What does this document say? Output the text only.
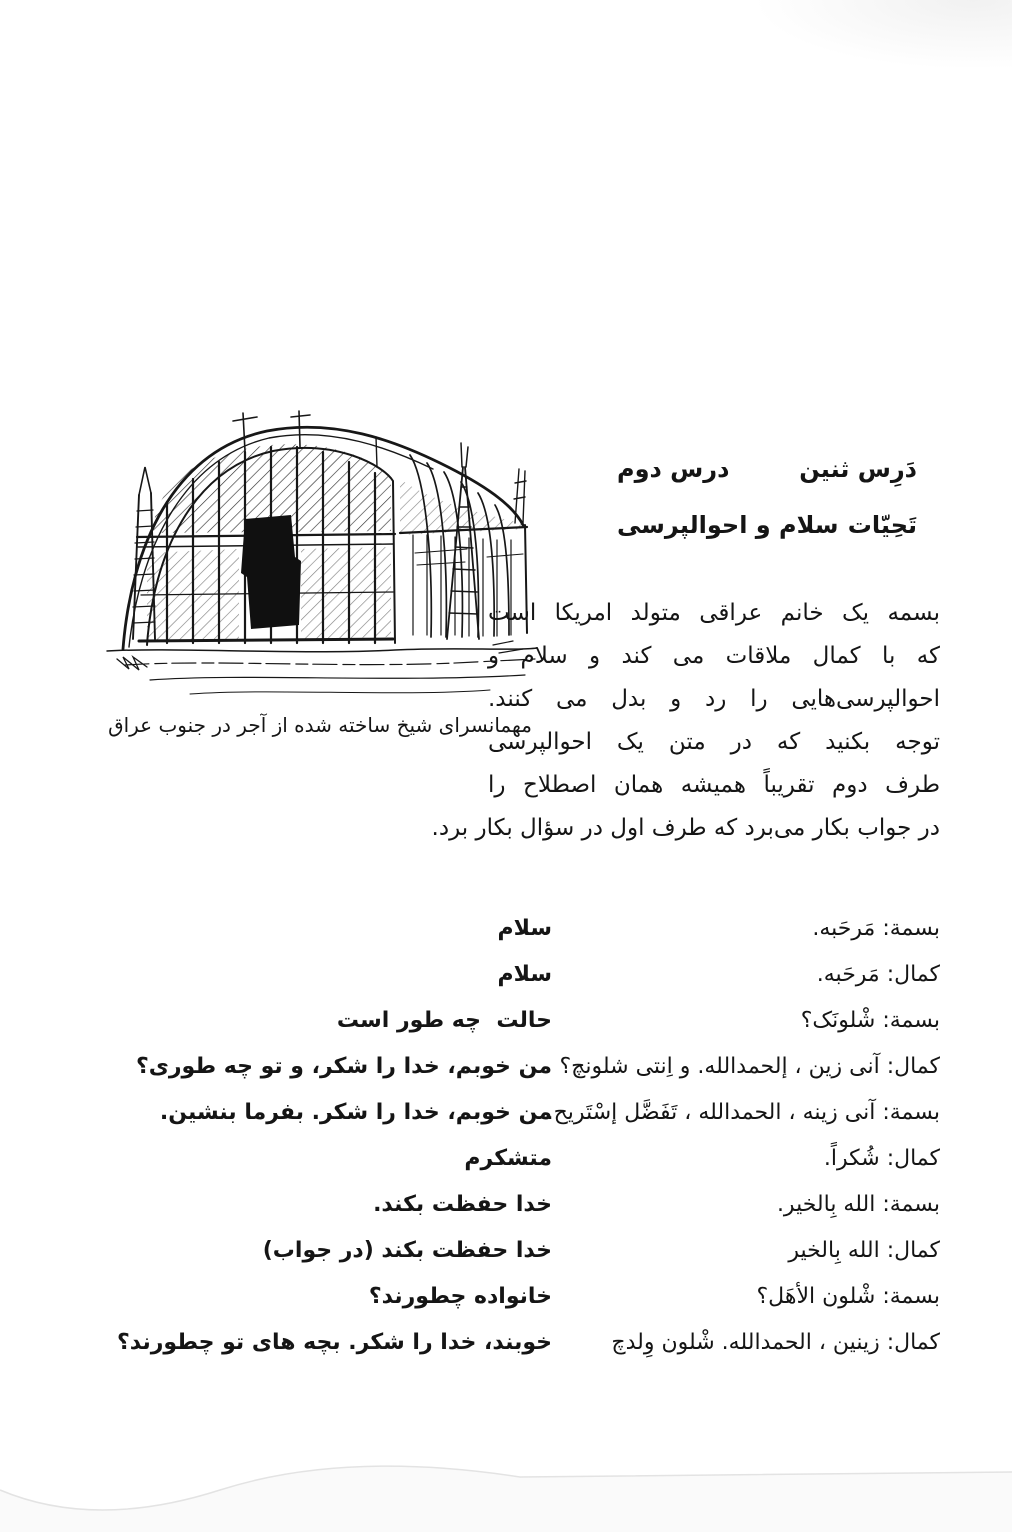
دَرِس ثنين
درس دوم
تَحِيّات
سلام و احوالپرسی
مهمانسرای شیخ ساخته شده از آجر در جنوب عراق
بسمه یک خانم عراقی متولد امریکا است
که با کمال ملاقات می کند و سلام و
احوالپرسی‌هایی را رد و بدل می کنند.
توجه بکنید که در متن یک احوالپرسی
طرف دوم تقریباً همیشه همان اصطلاح را
در جواب بکار می‌برد که طرف اول در سؤال بکار برد.
بسمة: مَرحَبه.
سلام
كمال: مَرحَبه.
سلام
بسمة: شْلونَک؟
حالت  چه طور است
كمال: آنی زین ، إلحمدالله. و اِنتی شلونچ؟
من خوبم، خدا را شکر، و تو چه طوری؟
بسمة: آنی زینه ، الحمدالله ، تَفَضَّل إسْتَریح.
من خوبم، خدا را شکر. بفرما بنشین.
كمال: شُكراً.
متشکرم
بسمة: الله بِالخیر.
خدا حفظت بکند.
كمال: الله بِالخیر
خدا حفظت بکند (در جواب)
بسمة: شْلون الأهَل؟
خانواده چطورند؟
كمال: زینین ، الحمدالله. شْلون وِلدچ
خوبند، خدا را شکر. بچه های تو چطورند؟
